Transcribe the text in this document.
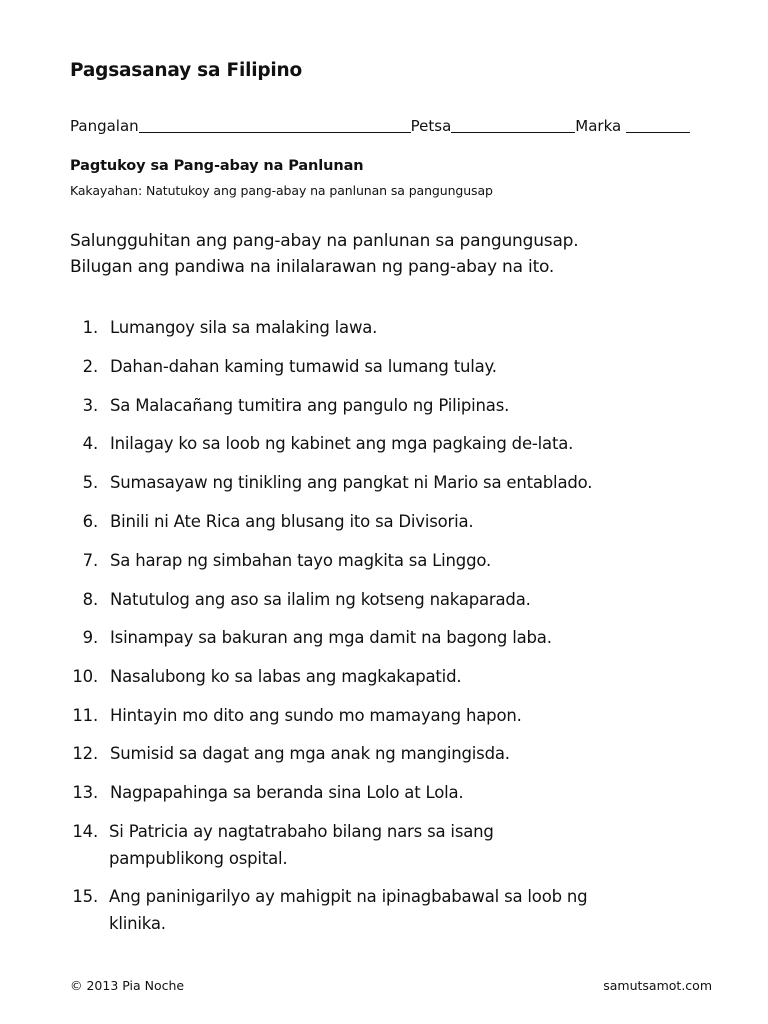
Pagsasanay sa Filipino
Pangalan	Petsa	Marka
Pagtukoy sa Pang-abay na Panlunan
Kakayahan: Natutukoy ang pang-abay na panlunan sa pangungusap
Salungguhitan ang pang-abay na panlunan sa pangungusap.
Bilugan ang pandiwa na inilalarawan ng pang-abay na ito.
1. Lumangoy sila sa malaking lawa.
2. Dahan-dahan kaming tumawid sa lumang tulay.
3. Sa Malacañang tumitira ang pangulo ng Pilipinas.
4. Inilagay ko sa loob ng kabinet ang mga pagkaing de-lata.
5. Sumasayaw ng tinikling ang pangkat ni Mario sa entablado.
6. Binili ni Ate Rica ang blusang ito sa Divisoria.
7. Sa harap ng simbahan tayo magkita sa Linggo.
8. Natutulog ang aso sa ilalim ng kotseng nakaparada.
9. Isinampay sa bakuran ang mga damit na bagong laba.
10. Nasalubong ko sa labas ang magkakapatid.
11. Hintayin mo dito ang sundo mo mamayang hapon.
12. Sumisid sa dagat ang mga anak ng mangingisda.
13. Nagpapahinga sa beranda sina Lolo at Lola.
14. Si Patricia ay nagtatrabaho bilang nars sa isang
pampublikong ospital.
15. Ang paninigarilyo ay mahigpit na ipinagbabawal sa loob ng
klinika.
© 2013 Pia Noche	samutsamot.com
